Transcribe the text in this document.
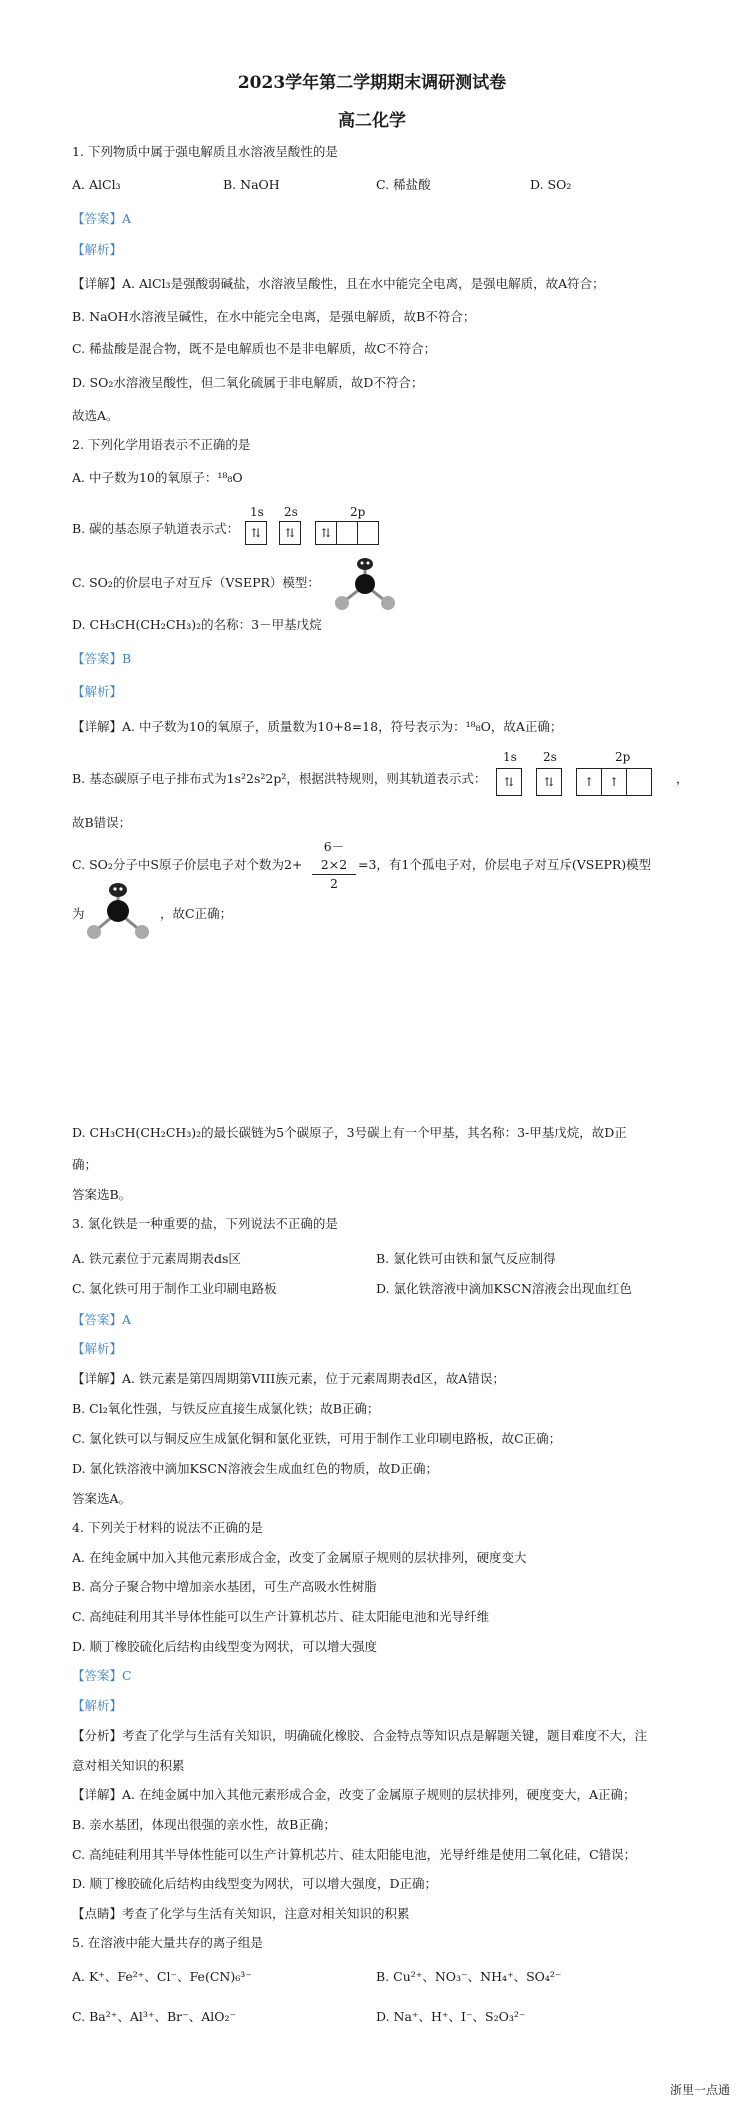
2023学年第二学期期末调研测试卷
高二化学
1. 下列物质中属于强电解质且水溶液呈酸性的是
A. AlCl₃	B. NaOH	C. 稀盐酸	D. SO₂
【答案】A
【解析】
【详解】A. AlCl₃是强酸弱碱盐，水溶液呈酸性，且在水中能完全电离，是强电解质，故A符合；
B. NaOH水溶液呈碱性，在水中能完全电离，是强电解质，故B不符合；
C. 稀盐酸是混合物，既不是电解质也不是非电解质，故C不符合；
D. SO₂水溶液呈酸性，但二氧化硫属于非电解质，故D不符合；
故选A。
2. 下列化学用语表示不正确的是
A. 中子数为10的氧原子：¹⁸₈O
B. 碳的基态原子轨道表示式：
1s 2s	2p
⇅	⇅	⇅
C. SO₂的价层电子对互斥（VSEPR）模型：
D. CH₃CH(CH₂CH₃)₂的名称：3－甲基戊烷
【答案】B
【解析】
【详解】A. 中子数为10的氧原子，质量数为10+8=18，符号表示为：¹⁸₈O，故A正确；
B. 基态碳原子电子排布式为1s²2s²2p²，根据洪特规则，则其轨道表示式：
1s 2s	2p
⇅	⇅	↑ ↑	，
故B错误；
C. SO₂分子中S原子价层电子对个数为$2+ \frac{6-2\times 2}{2} =3$，有1个孤电子对，价层电子对互斥(VSEPR)模型
为	，故C正确；
D. CH₃CH(CH₂CH₃)₂的最长碳链为5个碳原子，3号碳上有一个甲基，其名称：3-甲基戊烷，故D正
确；
答案选B。
3. 氯化铁是一种重要的盐，下列说法不正确的是
A. 铁元素位于元素周期表ds区	B. 氯化铁可由铁和氯气反应制得
C. 氯化铁可用于制作工业印刷电路板	D. 氯化铁溶液中滴加KSCN溶液会出现血红色
【答案】A
【解析】
【详解】A. 铁元素是第四周期第VIII族元素，位于元素周期表d区，故A错误；
B. Cl₂氧化性强，与铁反应直接生成氯化铁；故B正确；
C. 氯化铁可以与铜反应生成氯化铜和氯化亚铁，可用于制作工业印刷电路板，故C正确；
D. 氯化铁溶液中滴加KSCN溶液会生成血红色的物质，故D正确；
答案选A。
4. 下列关于材料的说法不正确的是
A. 在纯金属中加入其他元素形成合金，改变了金属原子规则的层状排列，硬度变大
B. 高分子聚合物中增加亲水基团，可生产高吸水性树脂
C. 高纯硅利用其半导体性能可以生产计算机芯片、硅太阳能电池和光导纤维
D. 顺丁橡胶硫化后结构由线型变为网状，可以增大强度
【答案】C
【解析】
【分析】考查了化学与生活有关知识，明确硫化橡胶、合金特点等知识点是解题关键，题目难度不大，注
意对相关知识的积累
【详解】A. 在纯金属中加入其他元素形成合金，改变了金属原子规则的层状排列，硬度变大，A正确；
B. 亲水基团，体现出很强的亲水性，故B正确；
C. 高纯硅利用其半导体性能可以生产计算机芯片、硅太阳能电池，光导纤维是使用二氧化硅，C错误；
D. 顺丁橡胶硫化后结构由线型变为网状，可以增大强度，D正确；
【点睛】考查了化学与生活有关知识，注意对相关知识的积累
5. 在溶液中能大量共存的离子组是
A. K⁺、Fe²⁺、Cl⁻、Fe(CN)₆³⁻	B. Cu²⁺、NO₃⁻、NH₄⁺、SO₄²⁻
C. Ba²⁺、Al³⁺、Br⁻、AlO₂⁻	D. Na⁺、H⁺、I⁻、S₂O₃²⁻
浙里一点通
